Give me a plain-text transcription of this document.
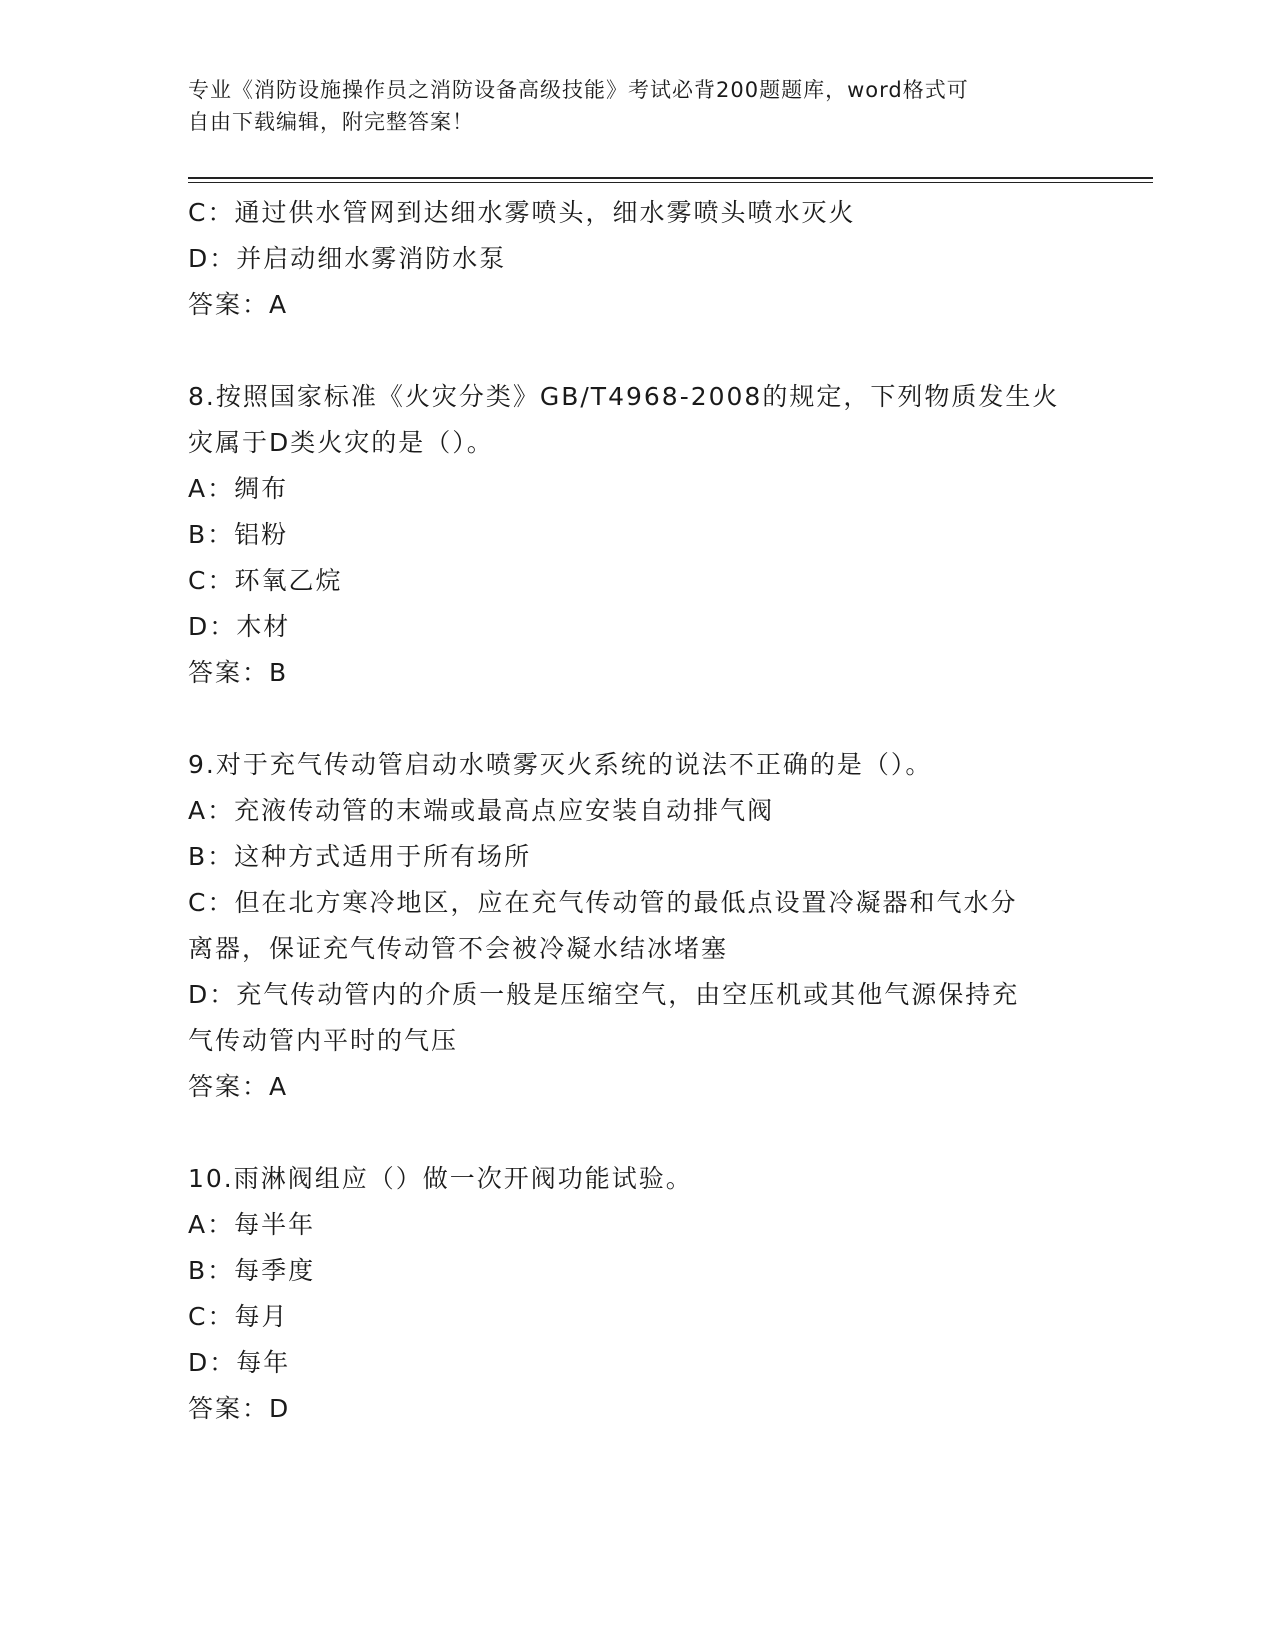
专业《消防设施操作员之消防设备高级技能》考试必背200题题库，word格式可
自由下载编辑，附完整答案！
C：通过供水管网到达细水雾喷头，细水雾喷头喷水灭火
D：并启动细水雾消防水泵
答案：A
8.按照国家标准《火灾分类》GB/T4968-2008的规定，下列物质发生火
灾属于D类火灾的是（）。
A：绸布
B：铝粉
C：环氧乙烷
D：木材
答案：B
9.对于充气传动管启动水喷雾灭火系统的说法不正确的是（）。
A：充液传动管的末端或最高点应安装自动排气阀
B：这种方式适用于所有场所
C：但在北方寒冷地区，应在充气传动管的最低点设置冷凝器和气水分
离器，保证充气传动管不会被冷凝水结冰堵塞
D：充气传动管内的介质一般是压缩空气，由空压机或其他气源保持充
气传动管内平时的气压
答案：A
10.雨淋阀组应（）做一次开阀功能试验。
A：每半年
B：每季度
C：每月
D：每年
答案：D
